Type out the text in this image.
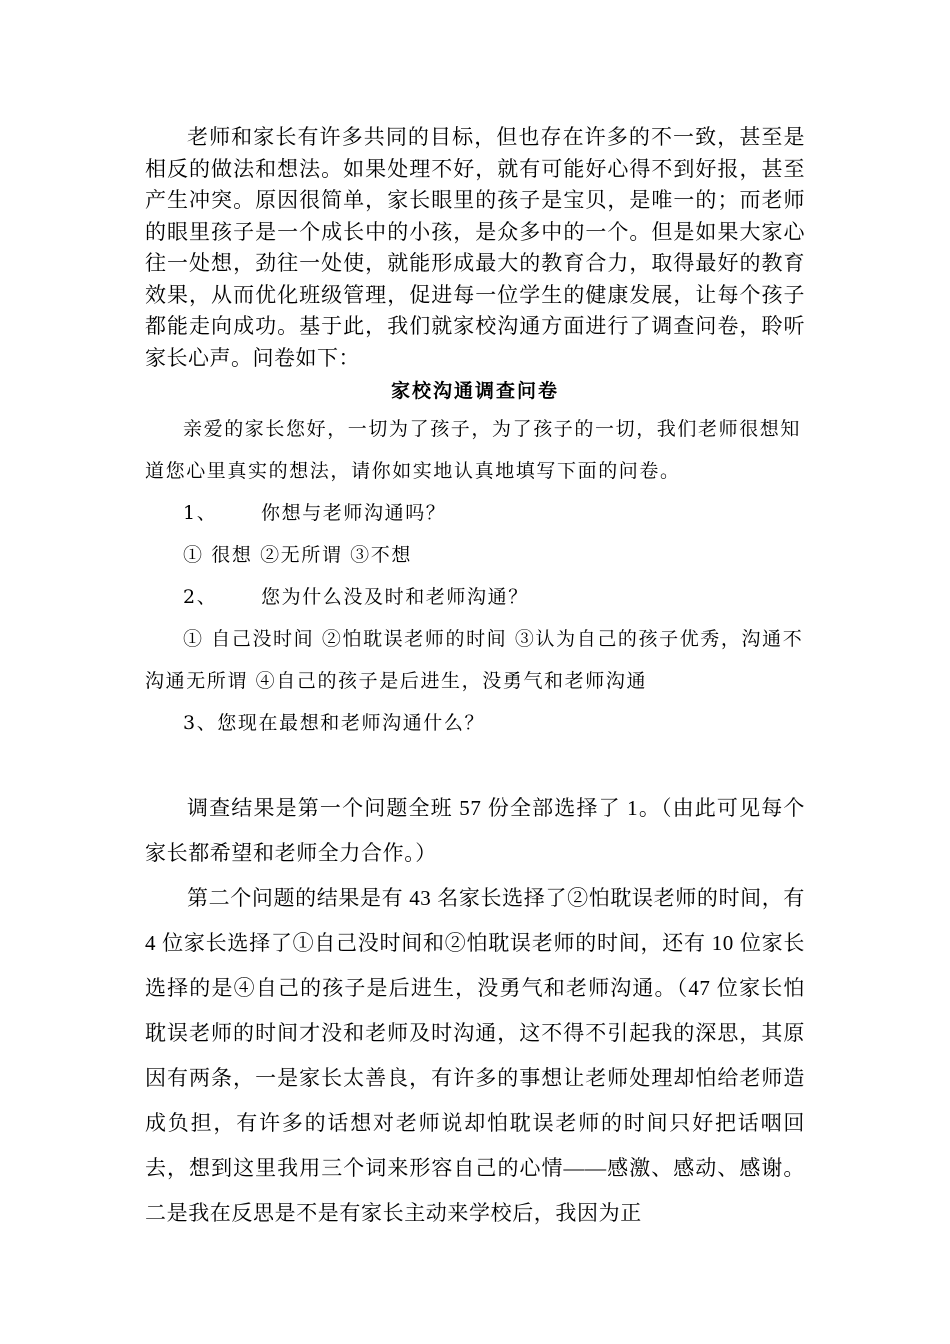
老师和家长有许多共同的目标，但也存在许多的不一致，甚至是相反的做法和想法。如果处理不好，就有可能好心得不到好报，甚至产生冲突。原因很简单，家长眼里的孩子是宝贝，是唯一的；而老师的眼里孩子是一个成长中的小孩，是众多中的一个。但是如果大家心往一处想，劲往一处使，就能形成最大的教育合力，取得最好的教育效果，从而优化班级管理，促进每一位学生的健康发展，让每个孩子都能走向成功。基于此，我们就家校沟通方面进行了调查问卷，聆听家长心声。问卷如下：

家校沟通调查问卷

亲爱的家长您好，一切为了孩子，为了孩子的一切，我们老师很想知道您心里真实的想法，请你如实地认真地填写下面的问卷。

1、 你想与老师沟通吗？

① 很想 ②无所谓 ③不想

2、 您为什么没及时和老师沟通？

① 自己没时间 ②怕耽误老师的时间 ③认为自己的孩子优秀，沟通不沟通无所谓 ④自己的孩子是后进生，没勇气和老师沟通

3、您现在最想和老师沟通什么？

调查结果是第一个问题全班 57 份全部选择了 1。（由此可见每个家长都希望和老师全力合作。）

第二个问题的结果是有 43 名家长选择了②怕耽误老师的时间，有 4 位家长选择了①自己没时间和②怕耽误老师的时间，还有 10 位家长选择的是④自己的孩子是后进生，没勇气和老师沟通。（47 位家长怕耽误老师的时间才没和老师及时沟通，这不得不引起我的深思，其原因有两条，一是家长太善良，有许多的事想让老师处理却怕给老师造成负担，有许多的话想对老师说却怕耽误老师的时间只好把话咽回去，想到这里我用三个词来形容自己的心情——感激、感动、感谢。二是我在反思是不是有家长主动来学校后，我因为正
